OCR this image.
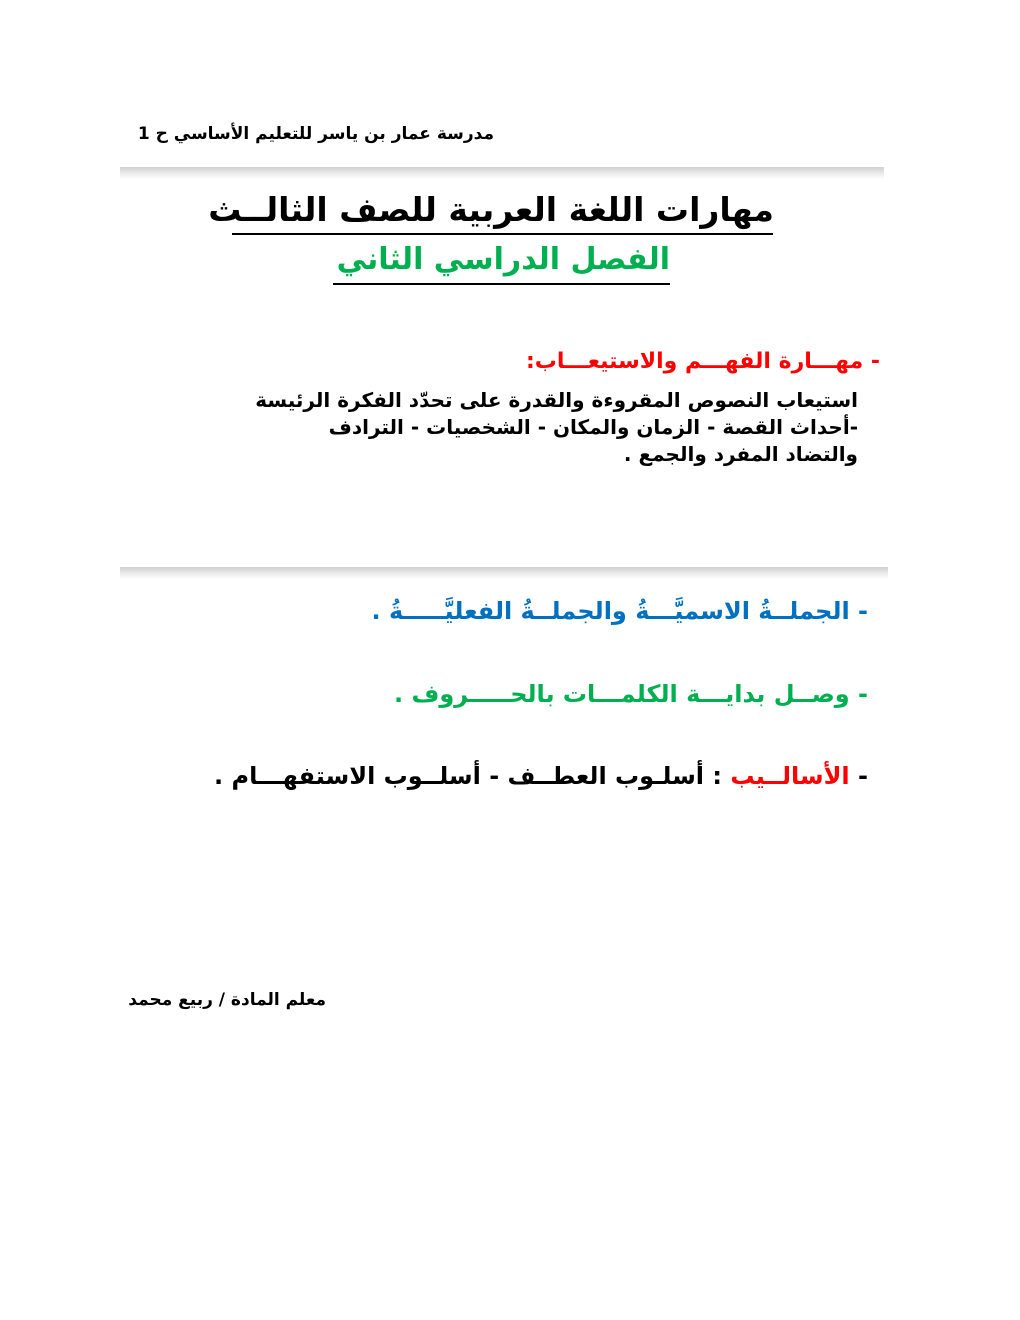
مدرسة عمار بن ياسر للتعليم الأساسي ح 1
مهارات اللغة العربية للصف الثالــث
الفصل الدراسي الثاني
- مهـــارة الفهـــم والاستيعـــاب:
استيعاب النصوص المقروءة والقدرة على تحدّد الفكرة الرئيسة
-أحداث القصة - الزمان والمكان - الشخصيات - الترادف
والتضاد المفرد والجمع .
- الجملــةُ الاسميَّـــةُ والجملــةُ الفعليَّـــــةُ .
- وصــل بدايـــة الكلمـــات بالحـــــروف .
- الأسالــيب : أسلـوب العطــف - أسلــوب الاستفهـــام .
معلم المادة / ربيع محمد
